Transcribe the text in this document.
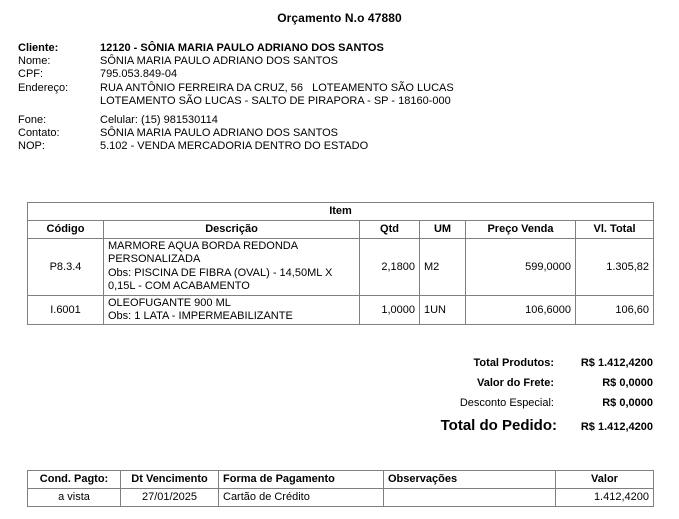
Orçamento N.o 47880
Cliente:	12120 - SÔNIA MARIA PAULO ADRIANO DOS SANTOS
Nome:	SÔNIA MARIA PAULO ADRIANO DOS SANTOS
CPF:	795.053.849-04
Endereço:	RUA ANTÔNIO FERREIRA DA CRUZ, 56   LOTEAMENTO SÃO LUCAS
LOTEAMENTO SÃO LUCAS - SALTO DE PIRAPORA - SP - 18160-000
Fone:	Celular: (15) 981530114
Contato:	SÔNIA MARIA PAULO ADRIANO DOS SANTOS
NOP:	5.102 - VENDA MERCADORIA DENTRO DO ESTADO
Item					
Código	Descrição	Qtd	UM	Preço Venda	Vl. Total
P8.3.4	MARMORE AQUA BORDA REDONDA
PERSONALIZADA
Obs: PISCINA DE FIBRA (OVAL) - 14,50ML X
0,15L - COM ACABAMENTO	2,1800	M2	599,0000	1.305,82
I.6001	OLEOFUGANTE 900 ML
Obs: 1 LATA - IMPERMEABILIZANTE	1,0000	1UN	106,6000	106,60
Total Produtos:	R$ 1.412,4200
Valor do Frete:	R$ 0,0000
Desconto Especial:	R$ 0,0000
Total do Pedido:	R$ 1.412,4200
Cond. Pagto:	Dt Vencimento	Forma de Pagamento	Observações	Valor
a vista	27/01/2025	Cartão de Crédito		1.412,4200
